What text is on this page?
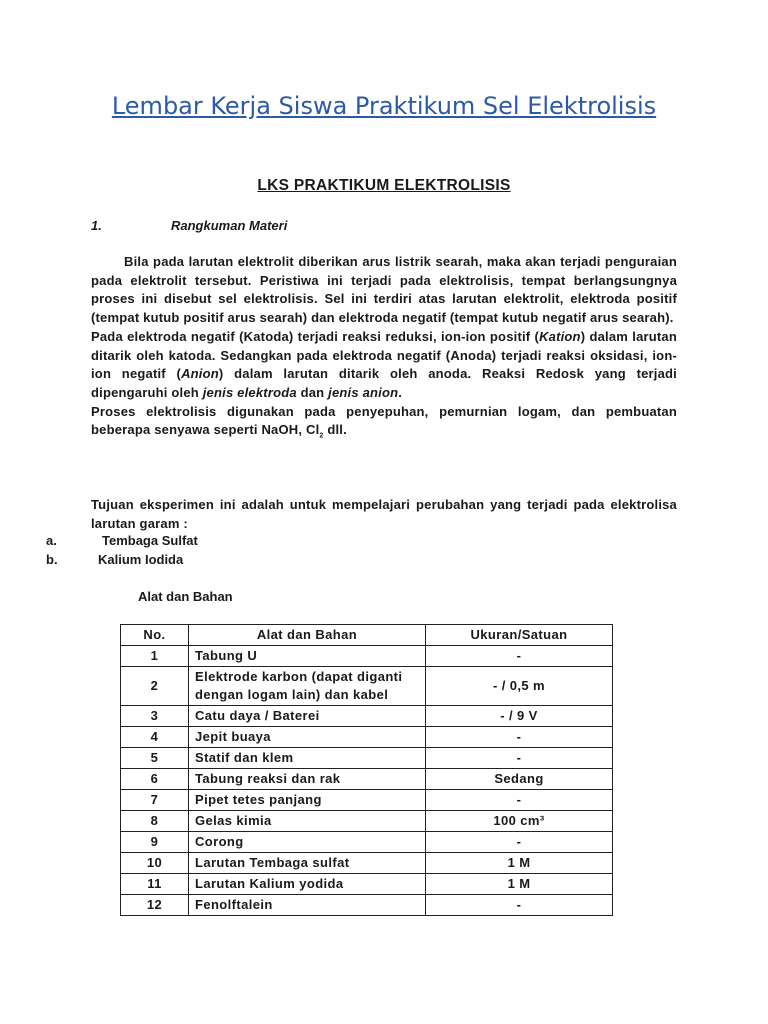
Lembar Kerja Siswa Praktikum Sel Elektrolisis
LKS PRAKTIKUM ELEKTROLISIS
1.	Rangkuman Materi

Bila pada larutan elektrolit diberikan arus listrik searah, maka akan terjadi penguraian pada elektrolit tersebut. Peristiwa ini terjadi pada elektrolisis, tempat berlangsungnya proses ini disebut sel elektrolisis. Sel ini terdiri atas larutan elektrolit, elektroda positif (tempat kutub positif arus searah) dan elektroda negatif (tempat kutub negatif arus searah).

Pada elektroda negatif (Katoda) terjadi reaksi reduksi, ion-ion positif (Kation) dalam larutan ditarik oleh katoda. Sedangkan pada elektroda negatif (Anoda) terjadi reaksi oksidasi, ion-ion negatif (Anion) dalam larutan ditarik oleh anoda. Reaksi Redosk yang terjadi dipengaruhi oleh jenis elektroda dan jenis anion.

Proses elektrolisis digunakan pada penyepuhan, pemurnian logam, dan pembuatan beberapa senyawa seperti NaOH, $Cl_2$ dll.

Tujuan eksperimen ini adalah untuk mempelajari perubahan yang terjadi pada elektrolisa larutan garam :
a.	Tembaga Sulfat
b.	Kalium Iodida
Alat dan Bahan
No.	Alat dan Bahan	Ukuran/Satuan
1	Tabung U	-
2	Elektrode karbon (dapat diganti dengan logam lain) dan kabel	- / 0,5 m
3	Catu daya / Baterei	- / 9 V
4	Jepit buaya	-
5	Statif dan klem	-
6	Tabung reaksi dan rak	Sedang
7	Pipet tetes panjang	-
8	Gelas kimia	100 cm³
9	Corong	-
10	Larutan Tembaga sulfat	1 M
11	Larutan Kalium yodida	1 M
12	Fenolftalein	-
